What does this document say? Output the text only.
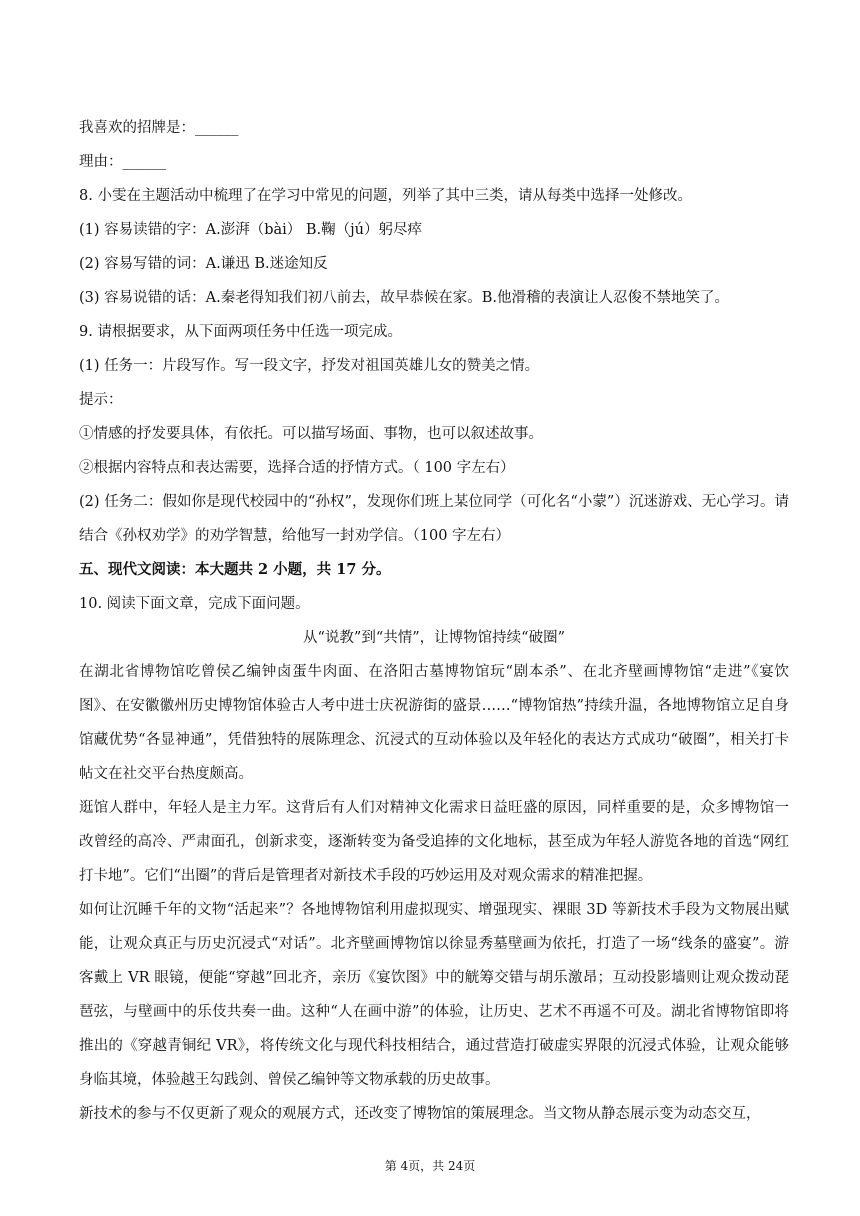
我喜欢的招牌是：______

理由：______

8. 小雯在主题活动中梳理了在学习中常见的问题，列举了其中三类，请从每类中选择一处修改。

(1) 容易读错的字：A.澎湃（bài） B.鞠（jú）躬尽瘁

(2) 容易写错的词：A.谦迅 B.迷途知反

(3) 容易说错的话：A.秦老得知我们初八前去，故早恭候在家。B.他滑稽的表演让人忍俊不禁地笑了。

9. 请根据要求，从下面两项任务中任选一项完成。

(1) 任务一：片段写作。写一段文字，抒发对祖国英雄儿女的赞美之情。

提示：

①情感的抒发要具体，有依托。可以描写场面、事物，也可以叙述故事。

②根据内容特点和表达需要，选择合适的抒情方式。（ 100 字左右）

(2) 任务二：假如你是现代校园中的“孙权”，发现你们班上某位同学（可化名“小蒙”）沉迷游戏、无心学习。请结合《孙权劝学》的劝学智慧，给他写一封劝学信。（100 字左右）

五、现代文阅读：本大题共 2 小题，共 17 分。

10. 阅读下面文章，完成下面问题。

从“说教”到“共情”，让博物馆持续“破圈”

在湖北省博物馆吃曾侯乙编钟卤蛋牛肉面、在洛阳古墓博物馆玩“剧本杀”、在北齐壁画博物馆“走进”《宴饮图》、在安徽徽州历史博物馆体验古人考中进士庆祝游街的盛景……“博物馆热”持续升温，各地博物馆立足自身馆藏优势“各显神通”，凭借独特的展陈理念、沉浸式的互动体验以及年轻化的表达方式成功“破圈”，相关打卡帖文在社交平台热度颇高。

逛馆人群中，年轻人是主力军。这背后有人们对精神文化需求日益旺盛的原因，同样重要的是，众多博物馆一改曾经的高冷、严肃面孔，创新求变，逐渐转变为备受追捧的文化地标，甚至成为年轻人游览各地的首选“网红打卡地”。它们“出圈”的背后是管理者对新技术手段的巧妙运用及对观众需求的精准把握。

如何让沉睡千年的文物“活起来”？各地博物馆利用虚拟现实、增强现实、裸眼 3D 等新技术手段为文物展出赋能，让观众真正与历史沉浸式“对话”。北齐壁画博物馆以徐显秀墓壁画为依托，打造了一场“线条的盛宴”。游客戴上 VR 眼镜，便能“穿越”回北齐，亲历《宴饮图》中的觥筹交错与胡乐激昂；互动投影墙则让观众拨动琵琶弦，与壁画中的乐伎共奏一曲。这种“人在画中游”的体验，让历史、艺术不再遥不可及。湖北省博物馆即将推出的《穿越青铜纪 VR》，将传统文化与现代科技相结合，通过营造打破虚实界限的沉浸式体验，让观众能够身临其境，体验越王勾践剑、曾侯乙编钟等文物承载的历史故事。

新技术的参与不仅更新了观众的观展方式，还改变了博物馆的策展理念。当文物从静态展示变为动态交互，

第 4页，共 24页
